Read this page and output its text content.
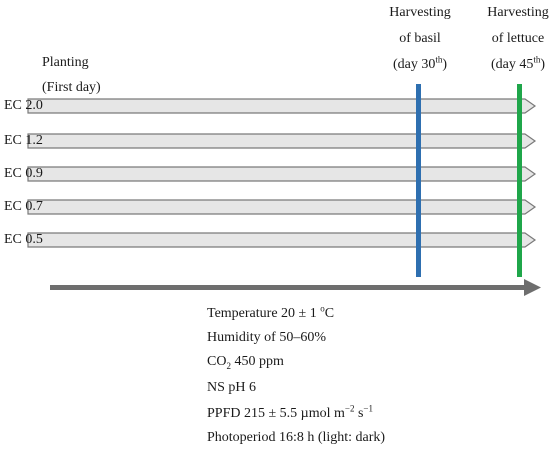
Planting
(First day)
Harvesting
of basil
(day 30th)
Harvesting
of lettuce
(day 45th)
EC 2.0
EC 1.2
EC 0.9
EC 0.7
EC 0.5
Temperature 20 ± 1 $^o$C
Humidity of 50–60%
$CO_2$ 450 ppm
NS pH 6
PPFD 215 ± 5.5 µmol $m^{-2}$ $s^{-1}$
Photoperiod 16:8 h (light: dark)
